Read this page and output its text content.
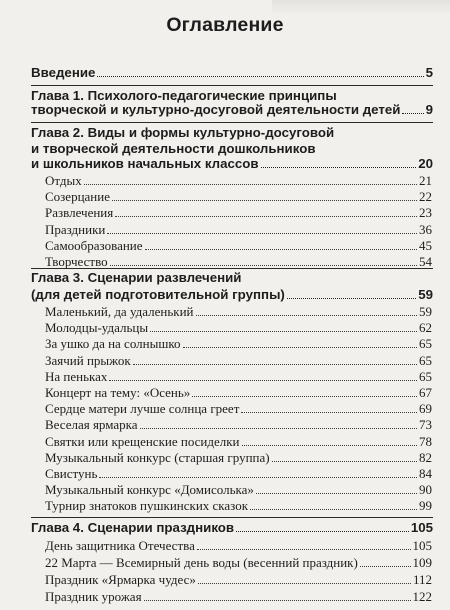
Оглавление
Введение	5
Глава 1. Психолого-педагогические принципы
творческой и культурно-досуговой деятельности детей 9
Глава 2. Виды и формы культурно-досуговой
и творческой деятельности дошкольников
и школьников начальных классов	20
Отдых	21
Созерцание	22
Развлечения	23
Праздники	36
Самообразование	45
Творчество	54
Глава 3. Сценарии развлечений
(для детей подготовительной группы)	59
Маленький, да удаленький	59
Молодцы-удальцы	62
За ушко да на солнышко	65
Заячий прыжок	65
На пеньках	65
Концерт на тему: «Осень»	67
Сердце матери лучше солнца греет	69
Веселая ярмарка	73
Святки или крещенские посиделки	78
Музыкальный конкурс (старшая группа)	82
Свистунь	84
Музыкальный конкурс «Домисолька»	90
Турнир знатоков пушкинских сказок	99
Глава 4. Сценарии праздников	105
День защитника Отечества	105
22 Марта — Всемирный день воды (весенний праздник)	109
Праздник «Ярмарка чудес»	112
Праздник урожая	122
